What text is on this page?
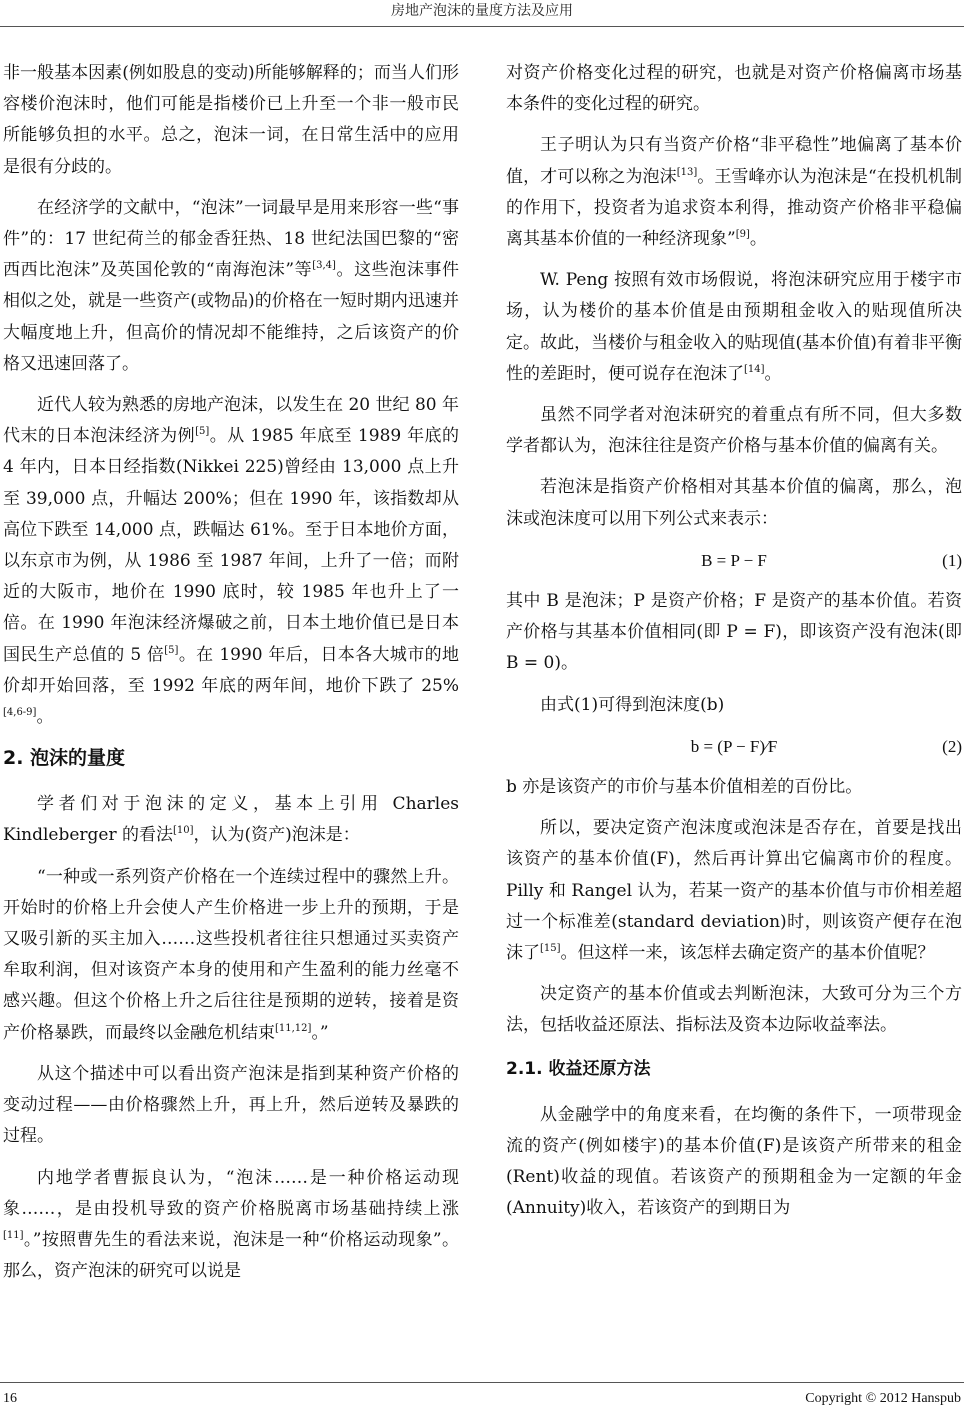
房地产泡沫的量度方法及应用

非一般基本因素(例如股息的变动)所能够解释的；而当人们形容楼价泡沫时，他们可能是指楼价已上升至一个非一般市民所能够负担的水平。总之，泡沫一词，在日常生活中的应用是很有分歧的。

在经济学的文献中，“泡沫”一词最早是用来形容一些“事件”的：17 世纪荷兰的郁金香狂热、18 世纪法国巴黎的“密西西比泡沫”及英国伦敦的“南海泡沫”等[3,4]。这些泡沫事件相似之处，就是一些资产(或物品)的价格在一短时期内迅速并大幅度地上升，但高价的情况却不能维持，之后该资产的价格又迅速回落了。

近代人较为熟悉的房地产泡沫，以发生在 20 世纪 80 年代末的日本泡沫经济为例[5]。从 1985 年底至 1989 年底的 4 年内，日本日经指数(Nikkei 225)曾经由 13,000 点上升至 39,000 点，升幅达 200%；但在 1990 年，该指数却从高位下跌至 14,000 点，跌幅达 61%。至于日本地价方面，以东京市为例，从 1986 至 1987 年间，上升了一倍；而附近的大阪市，地价在 1990 底时，较 1985 年也升上了一倍。在 1990 年泡沫经济爆破之前，日本土地价值已是日本国民生产总值的 5 倍[5]。在 1990 年后，日本各大城市的地价却开始回落，至 1992 年底的两年间，地价下跌了 25%[4,6-9]。

2. 泡沫的量度

学者们对于泡沫的定义，基本上引用 Charles Kindleberger 的看法[10]，认为(资产)泡沫是：

“一种或一系列资产价格在一个连续过程中的骤然上升。开始时的价格上升会使人产生价格进一步上升的预期，于是又吸引新的买主加入……这些投机者往往只想通过买卖资产牟取利润，但对该资产本身的使用和产生盈利的能力丝毫不感兴趣。但这个价格上升之后往往是预期的逆转，接着是资产价格暴跌，而最终以金融危机结束[11,12]。”

从这个描述中可以看出资产泡沫是指到某种资产价格的变动过程——由价格骤然上升，再上升，然后逆转及暴跌的过程。

内地学者曹振良认为，“泡沫……是一种价格运动现象……，是由投机导致的资产价格脱离市场基础持续上涨[11]。”按照曹先生的看法来说，泡沫是一种“价格运动现象”。那么，资产泡沫的研究可以说是

对资产价格变化过程的研究，也就是对资产价格偏离市场基本条件的变化过程的研究。

王子明认为只有当资产价格“非平稳性”地偏离了基本价值，才可以称之为泡沫[13]。王雪峰亦认为泡沫是“在投机机制的作用下，投资者为追求资本利得，推动资产价格非平稳偏离其基本价值的一种经济现象”[9]。

W. Peng 按照有效市场假说，将泡沫研究应用于楼宇市场，认为楼价的基本价值是由预期租金收入的贴现值所决定。故此，当楼价与租金收入的贴现值(基本价值)有着非平衡性的差距时，便可说存在泡沫了[14]。

虽然不同学者对泡沫研究的着重点有所不同，但大多数学者都认为，泡沫往往是资产价格与基本价值的偏离有关。

若泡沫是指资产价格相对其基本价值的偏离，那么，泡沫或泡沫度可以用下列公式来表示：

B = P − F	(1)

其中 B 是泡沫；P 是资产价格；F 是资产的基本价值。若资产价格与其基本价值相同(即 P = F)，即该资产没有泡沫(即 B = 0)。

由式(1)可得到泡沫度(b)

b = (P − F)∕F	(2)

b 亦是该资产的市价与基本价值相差的百份比。

所以，要决定资产泡沫度或泡沫是否存在，首要是找出该资产的基本价值(F)，然后再计算出它偏离市价的程度。Pilly 和 Rangel 认为，若某一资产的基本价值与市价相差超过一个标准差(standard deviation)时，则该资产便存在泡沫了[15]。但这样一来，该怎样去确定资产的基本价值呢？

决定资产的基本价值或去判断泡沫，大致可分为三个方法，包括收益还原法、指标法及资本边际收益率法。

2.1. 收益还原方法

从金融学中的角度来看，在均衡的条件下，一项带现金流的资产(例如楼宇)的基本价值(F)是该资产所带来的租金(Rent)收益的现值。若该资产的预期租金为一定额的年金(Annuity)收入，若该资产的到期日为

16	Copyright © 2012 Hanspub
